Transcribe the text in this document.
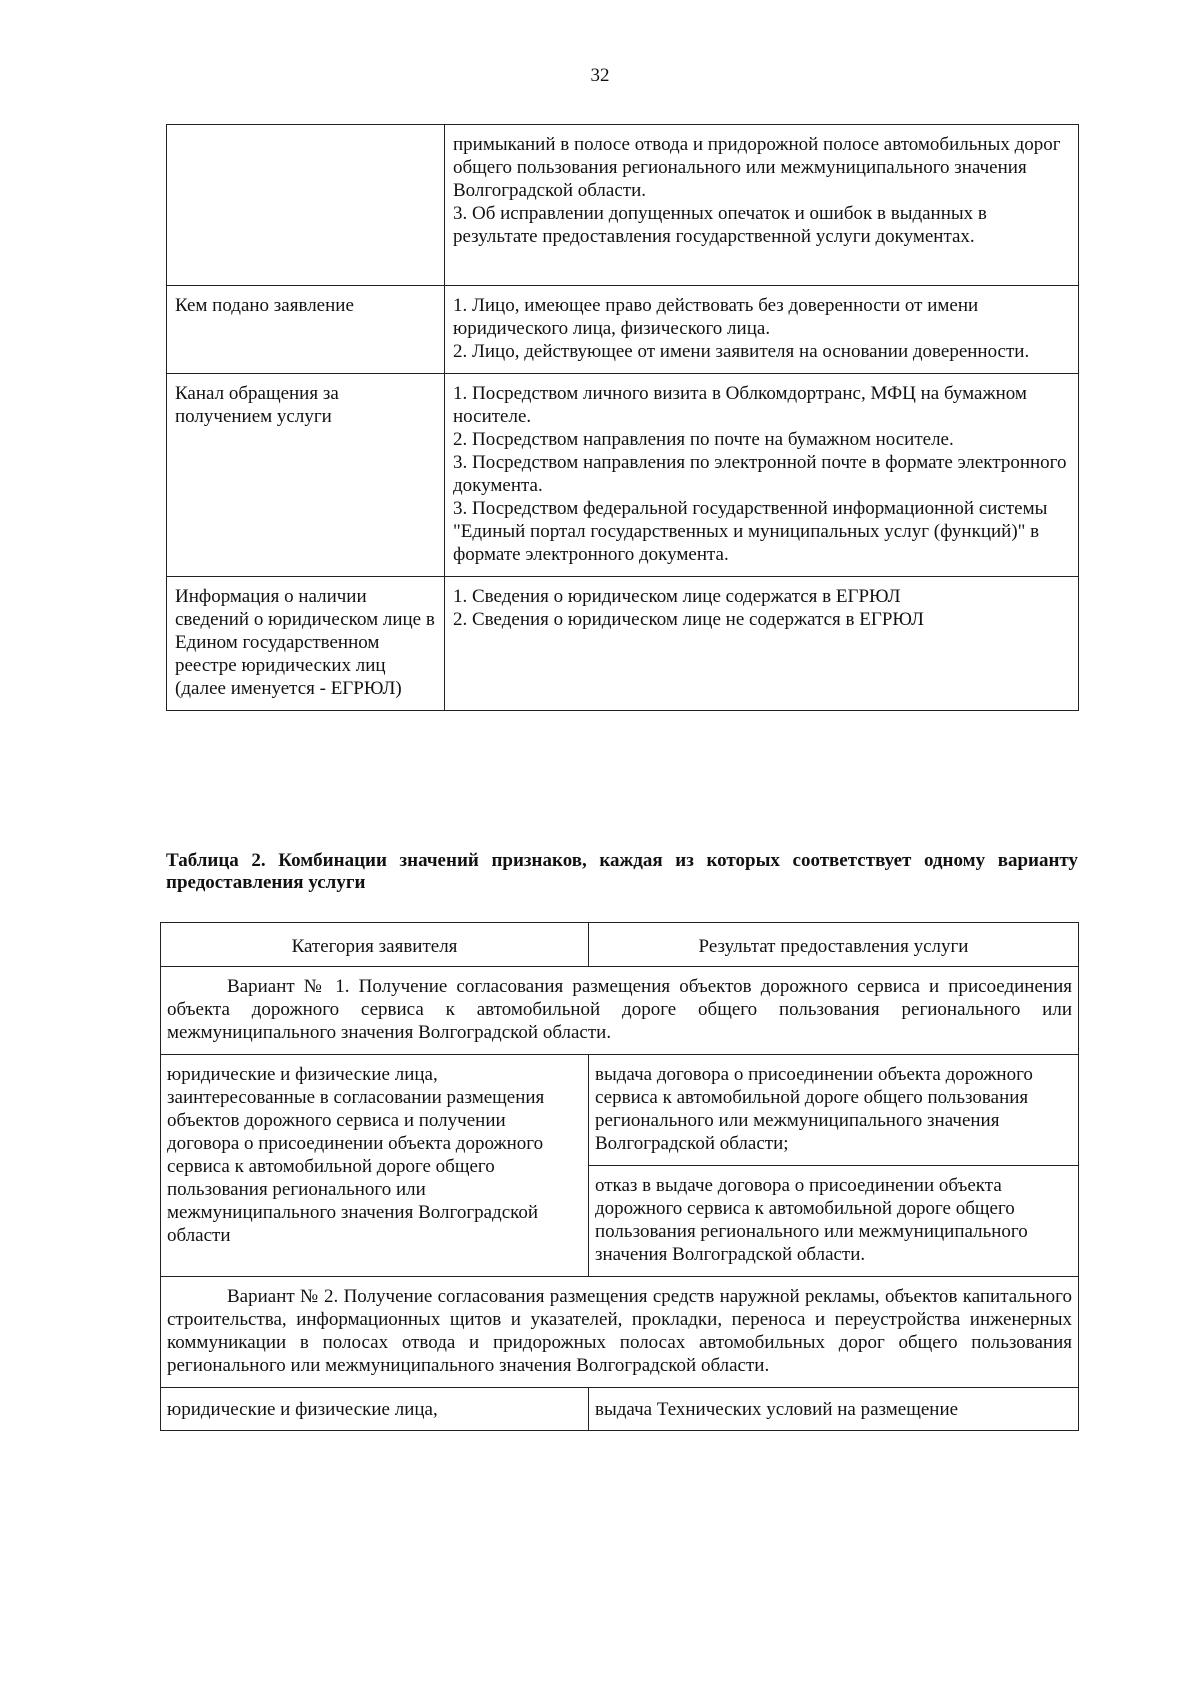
32

	примыканий в полосе отвода и придорожной полосе автомобильных дорог общего пользования регионального или межмуниципального значения Волгоградской области.
3. Об исправлении допущенных опечаток и ошибок в выданных в результате предоставления государственной услуги документах.

Кем подано заявление	1. Лицо, имеющее право действовать без доверенности от имени юридического лица, физического лица.
2. Лицо, действующее от имени заявителя на основании доверенности.

Канал обращения за получением услуги	1. Посредством личного визита в Облкомдортранс, МФЦ на бумажном носителе.
2. Посредством направления по почте на бумажном носителе.
3. Посредством направления по электронной почте в формате электронного документа.
3. Посредством федеральной государственной информационной системы "Единый портал государственных и муниципальных услуг (функций)" в формате электронного документа.

Информация о наличии сведений о юридическом лице в Едином государственном реестре юридических лиц (далее именуется - ЕГРЮЛ)	1. Сведения о юридическом лице содержатся в ЕГРЮЛ
2. Сведения о юридическом лице не содержатся в ЕГРЮЛ
Таблица 2. Комбинации значений признаков, каждая из которых соответствует одному варианту предоставления услуги
Категория заявителя	Результат предоставления услуги
Вариант № 1. Получение согласования размещения объектов дорожного сервиса и присоединения объекта дорожного сервиса к автомобильной дороге общего пользования регионального или межмуниципального значения Волгоградской области.	
юридические и физические лица, заинтересованные в согласовании размещения объектов дорожного сервиса и получении договора о присоединении объекта дорожного сервиса к автомобильной дороге общего пользования регионального или межмуниципального значения Волгоградской области	выдача договора о присоединении объекта дорожного сервиса к автомобильной дороге общего пользования регионального или межмуниципального значения Волгоградской области;
	отказ в выдаче договора о присоединении объекта дорожного сервиса к автомобильной дороге общего пользования регионального или межмуниципального значения Волгоградской области.
Вариант № 2. Получение согласования размещения средств наружной рекламы, объектов капитального строительства, информационных щитов и указателей, прокладки, переноса и переустройства инженерных коммуникации в полосах отвода и придорожных полосах автомобильных дорог общего пользования регионального или межмуниципального значения Волгоградской области.	
юридические и физические лица,	выдача Технических условий на размещение
